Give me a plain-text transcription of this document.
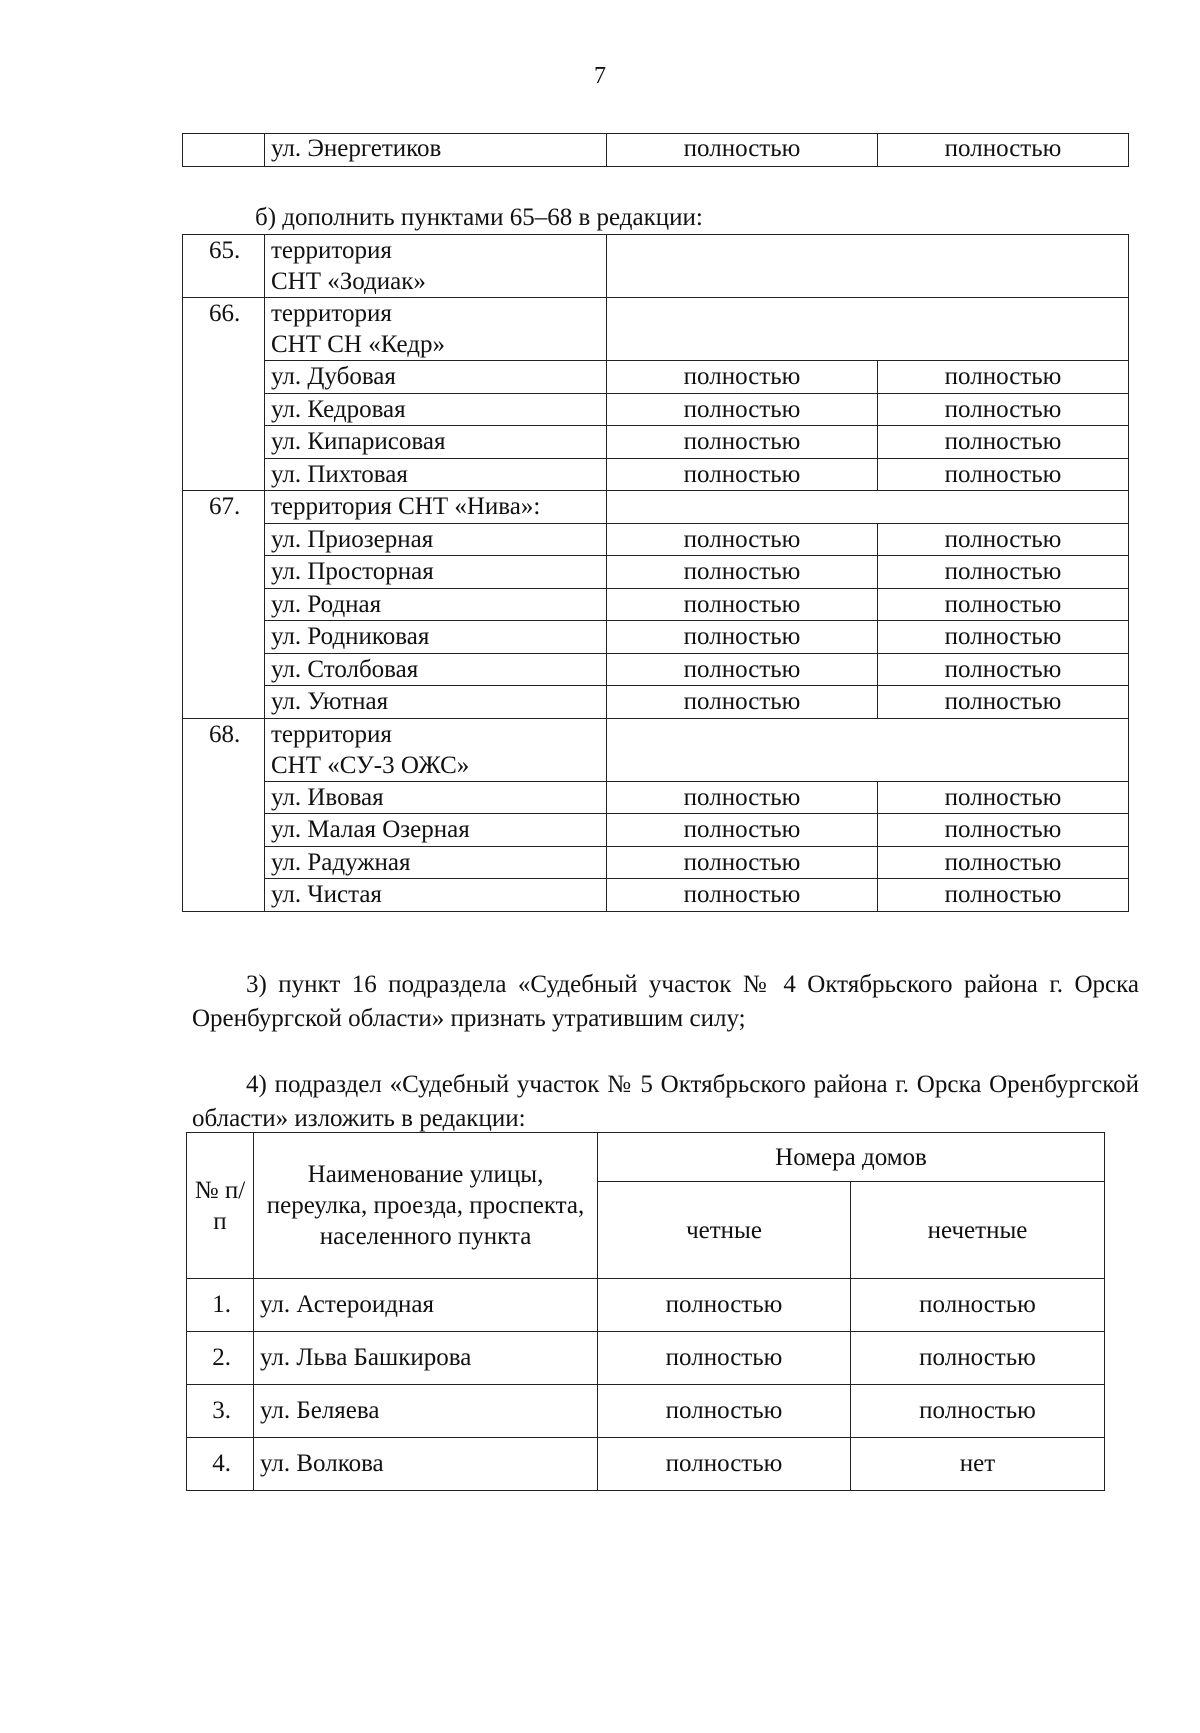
7
	ул. Энергетиков	полностью	полностью
б) дополнить пунктами 65–68 в редакции:
65.	территория
СНТ «Зодиак»		

66.	территория
СНТ СН «Кедр»		

	ул. Дубовая	полностью	полностью
	ул. Кедровая	полностью	полностью
	ул. Кипарисовая	полностью	полностью
	ул. Пихтовая	полностью	полностью
67.	территория СНТ «Нива»:		
	ул. Приозерная	полностью	полностью
	ул. Просторная	полностью	полностью
	ул. Родная	полностью	полностью
	ул. Родниковая	полностью	полностью
	ул. Столбовая	полностью	полностью
	ул. Уютная	полностью	полностью
68.	территория
СНТ «СУ-3 ОЖС»		

	ул. Ивовая	полностью	полностью
	ул. Малая Озерная	полностью	полностью
	ул. Радужная	полностью	полностью
	ул. Чистая	полностью	полностью
3) пункт 16 подраздела «Судебный участок № 4 Октябрьского района г. Орска Оренбургской области» признать утратившим силу;
4) подраздел «Судебный участок № 5 Октябрьского района г. Орска Оренбургской области» изложить в редакции:
№ п/п	Наименование улицы, переулка, проезда, проспекта, населенного пункта	Номера домов	
		четные	нечетные
1.	ул. Астероидная	полностью	полностью
2.	ул. Льва Башкирова	полностью	полностью
3.	ул. Беляева	полностью	полностью
4.	ул. Волкова	полностью	нет
